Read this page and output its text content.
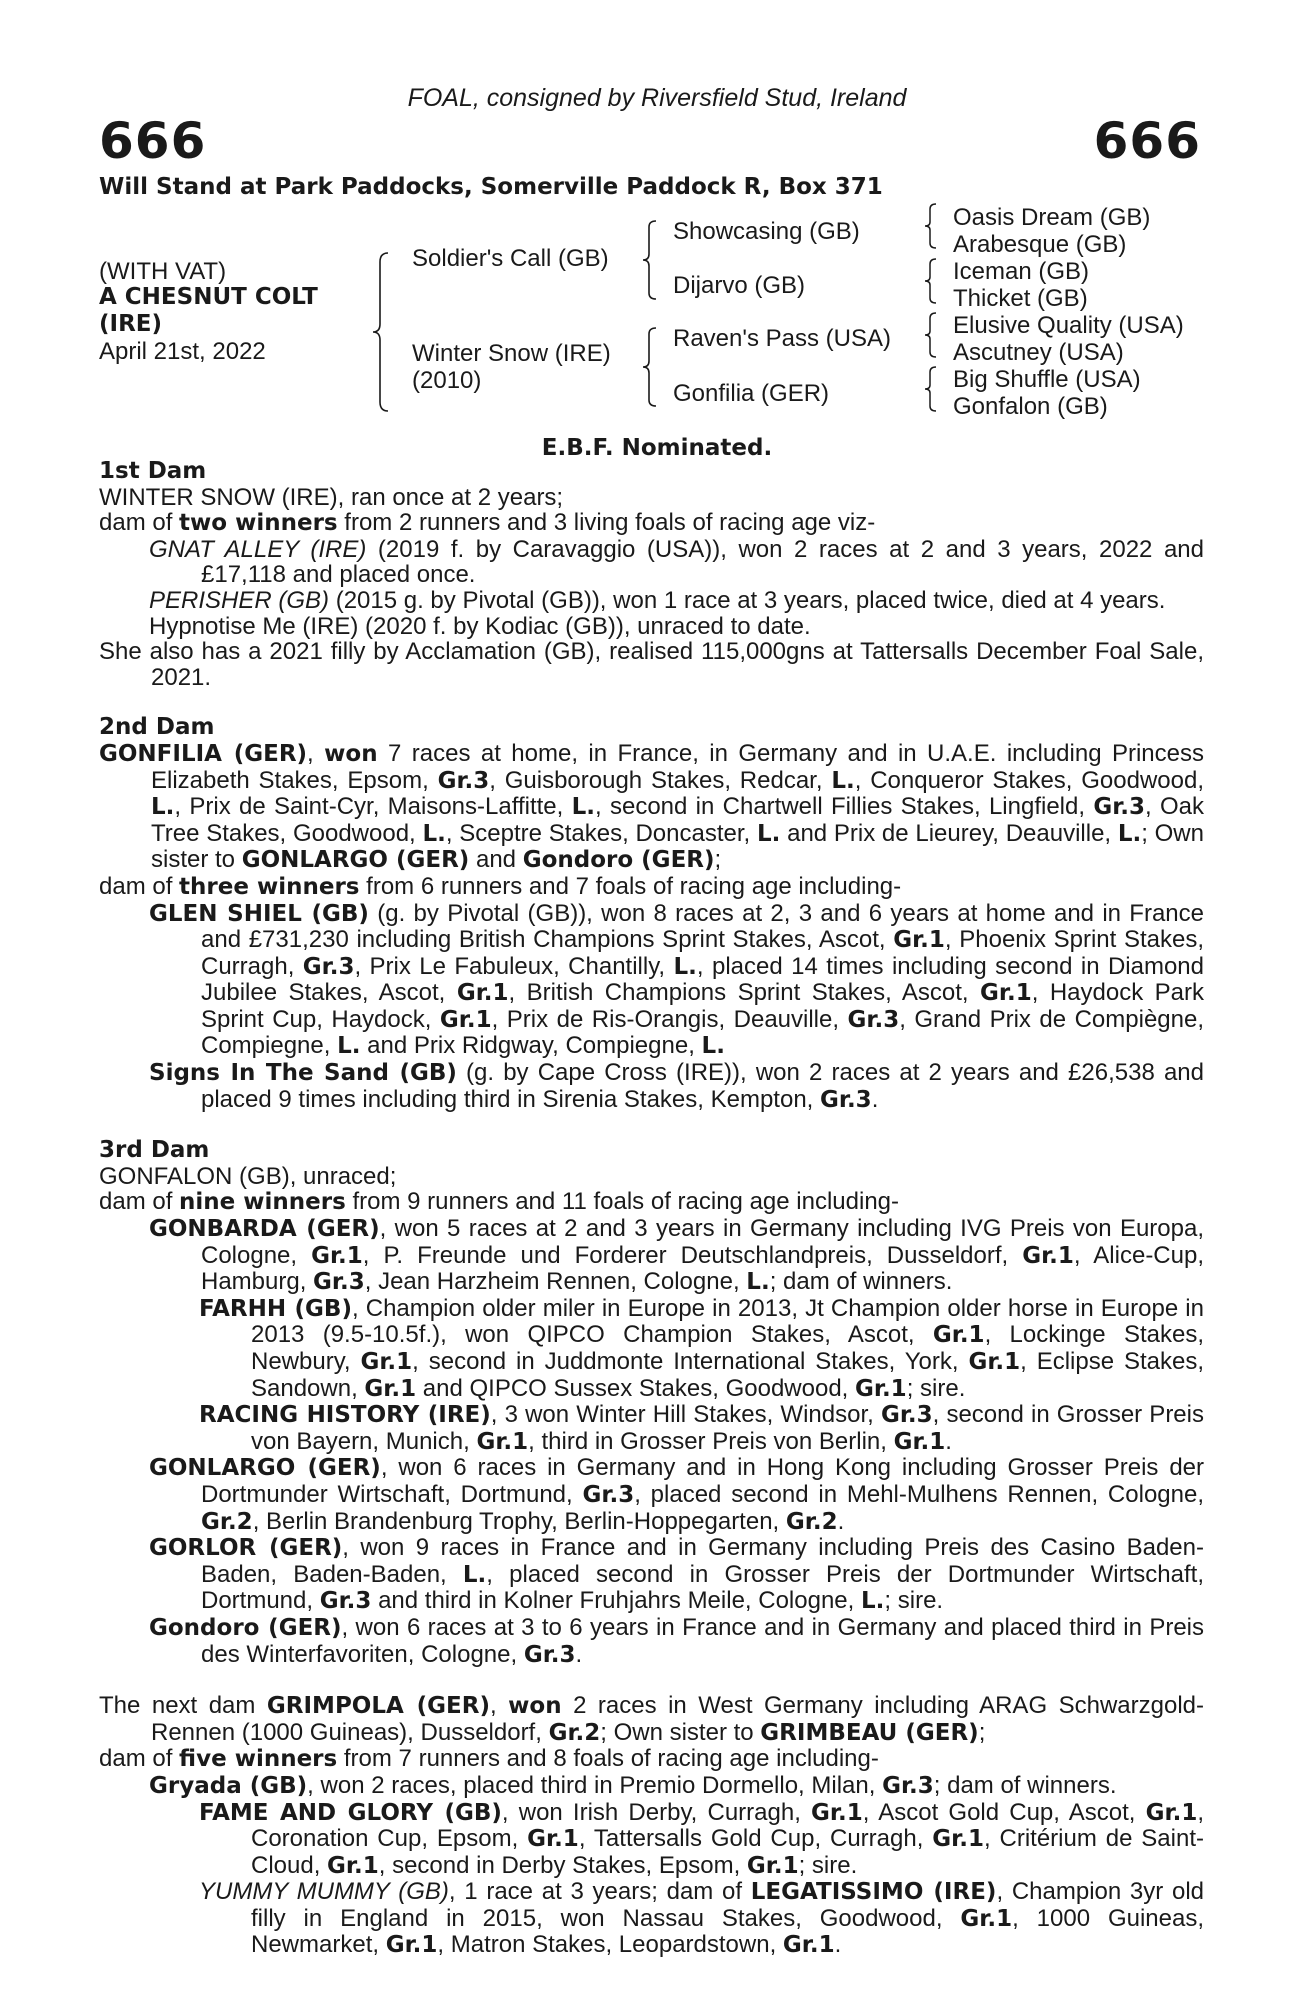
FOAL, consigned by Riversfield Stud, Ireland
666	666
Will Stand at Park Paddocks, Somerville Paddock R, Box 371
(WITH VAT)
A CHESNUT COLT
(IRE)
April 21st, 2022
Soldier's Call (GB)
Winter Snow (IRE)
(2010)
Showcasing (GB)
Dijarvo (GB)
Raven's Pass (USA)
Gonfilia (GER)
Oasis Dream (GB)
Arabesque (GB)
Iceman (GB)
Thicket (GB)
Elusive Quality (USA)
Ascutney (USA)
Big Shuffle (USA)
Gonfalon (GB)
E.B.F. Nominated.

1st Dam

WINTER SNOW (IRE), ran once at 2 years;

dam of two winners from 2 runners and 3 living foals of racing age viz-

GNAT ALLEY (IRE) (2019 f. by Caravaggio (USA)), won 2 races at 2 and 3 years, 2022 and £17,118 and placed once.

PERISHER (GB) (2015 g. by Pivotal (GB)), won 1 race at 3 years, placed twice, died at 4 years.

Hypnotise Me (IRE) (2020 f. by Kodiac (GB)), unraced to date.

She also has a 2021 filly by Acclamation (GB), realised 115,000gns at Tattersalls December Foal Sale, 2021.

2nd Dam

GONFILIA (GER), won 7 races at home, in France, in Germany and in U.A.E. including Princess Elizabeth Stakes, Epsom, Gr.3, Guisborough Stakes, Redcar, L., Conqueror Stakes, Goodwood, L., Prix de Saint-Cyr, Maisons-Laffitte, L., second in Chartwell Fillies Stakes, Lingfield, Gr.3, Oak Tree Stakes, Goodwood, L., Sceptre Stakes, Doncaster, L. and Prix de Lieurey, Deauville, L.; Own sister to GONLARGO (GER) and Gondoro (GER);

dam of three winners from 6 runners and 7 foals of racing age including-

GLEN SHIEL (GB) (g. by Pivotal (GB)), won 8 races at 2, 3 and 6 years at home and in France and £731,230 including British Champions Sprint Stakes, Ascot, Gr.1, Phoenix Sprint Stakes, Curragh, Gr.3, Prix Le Fabuleux, Chantilly, L., placed 14 times including second in Diamond Jubilee Stakes, Ascot, Gr.1, British Champions Sprint Stakes, Ascot, Gr.1, Haydock Park Sprint Cup, Haydock, Gr.1, Prix de Ris-Orangis, Deauville, Gr.3, Grand Prix de Compiègne, Compiegne, L. and Prix Ridgway, Compiegne, L.

Signs In The Sand (GB) (g. by Cape Cross (IRE)), won 2 races at 2 years and £26,538 and placed 9 times including third in Sirenia Stakes, Kempton, Gr.3.

3rd Dam

GONFALON (GB), unraced;

dam of nine winners from 9 runners and 11 foals of racing age including-

GONBARDA (GER), won 5 races at 2 and 3 years in Germany including IVG Preis von Europa, Cologne, Gr.1, P. Freunde und Forderer Deutschlandpreis, Dusseldorf, Gr.1, Alice-Cup, Hamburg, Gr.3, Jean Harzheim Rennen, Cologne, L.; dam of winners.

FARHH (GB), Champion older miler in Europe in 2013, Jt Champion older horse in Europe in 2013 (9.5-10.5f.), won QIPCO Champion Stakes, Ascot, Gr.1, Lockinge Stakes, Newbury, Gr.1, second in Juddmonte International Stakes, York, Gr.1, Eclipse Stakes, Sandown, Gr.1 and QIPCO Sussex Stakes, Goodwood, Gr.1; sire.

RACING HISTORY (IRE), 3 won Winter Hill Stakes, Windsor, Gr.3, second in Grosser Preis von Bayern, Munich, Gr.1, third in Grosser Preis von Berlin, Gr.1.

GONLARGO (GER), won 6 races in Germany and in Hong Kong including Grosser Preis der Dortmunder Wirtschaft, Dortmund, Gr.3, placed second in Mehl-Mulhens Rennen, Cologne, Gr.2, Berlin Brandenburg Trophy, Berlin-Hoppegarten, Gr.2.

GORLOR (GER), won 9 races in France and in Germany including Preis des Casino Baden-Baden, Baden-Baden, L., placed second in Grosser Preis der Dortmunder Wirtschaft, Dortmund, Gr.3 and third in Kolner Fruhjahrs Meile, Cologne, L.; sire.

Gondoro (GER), won 6 races at 3 to 6 years in France and in Germany and placed third in Preis des Winterfavoriten, Cologne, Gr.3.

The next dam GRIMPOLA (GER), won 2 races in West Germany including ARAG Schwarzgold-Rennen (1000 Guineas), Dusseldorf, Gr.2; Own sister to GRIMBEAU (GER);

dam of five winners from 7 runners and 8 foals of racing age including-

Gryada (GB), won 2 races, placed third in Premio Dormello, Milan, Gr.3; dam of winners.

FAME AND GLORY (GB), won Irish Derby, Curragh, Gr.1, Ascot Gold Cup, Ascot, Gr.1, Coronation Cup, Epsom, Gr.1, Tattersalls Gold Cup, Curragh, Gr.1, Critérium de Saint-Cloud, Gr.1, second in Derby Stakes, Epsom, Gr.1; sire.

YUMMY MUMMY (GB), 1 race at 3 years; dam of LEGATISSIMO (IRE), Champion 3yr old filly in England in 2015, won Nassau Stakes, Goodwood, Gr.1, 1000 Guineas, Newmarket, Gr.1, Matron Stakes, Leopardstown, Gr.1.
